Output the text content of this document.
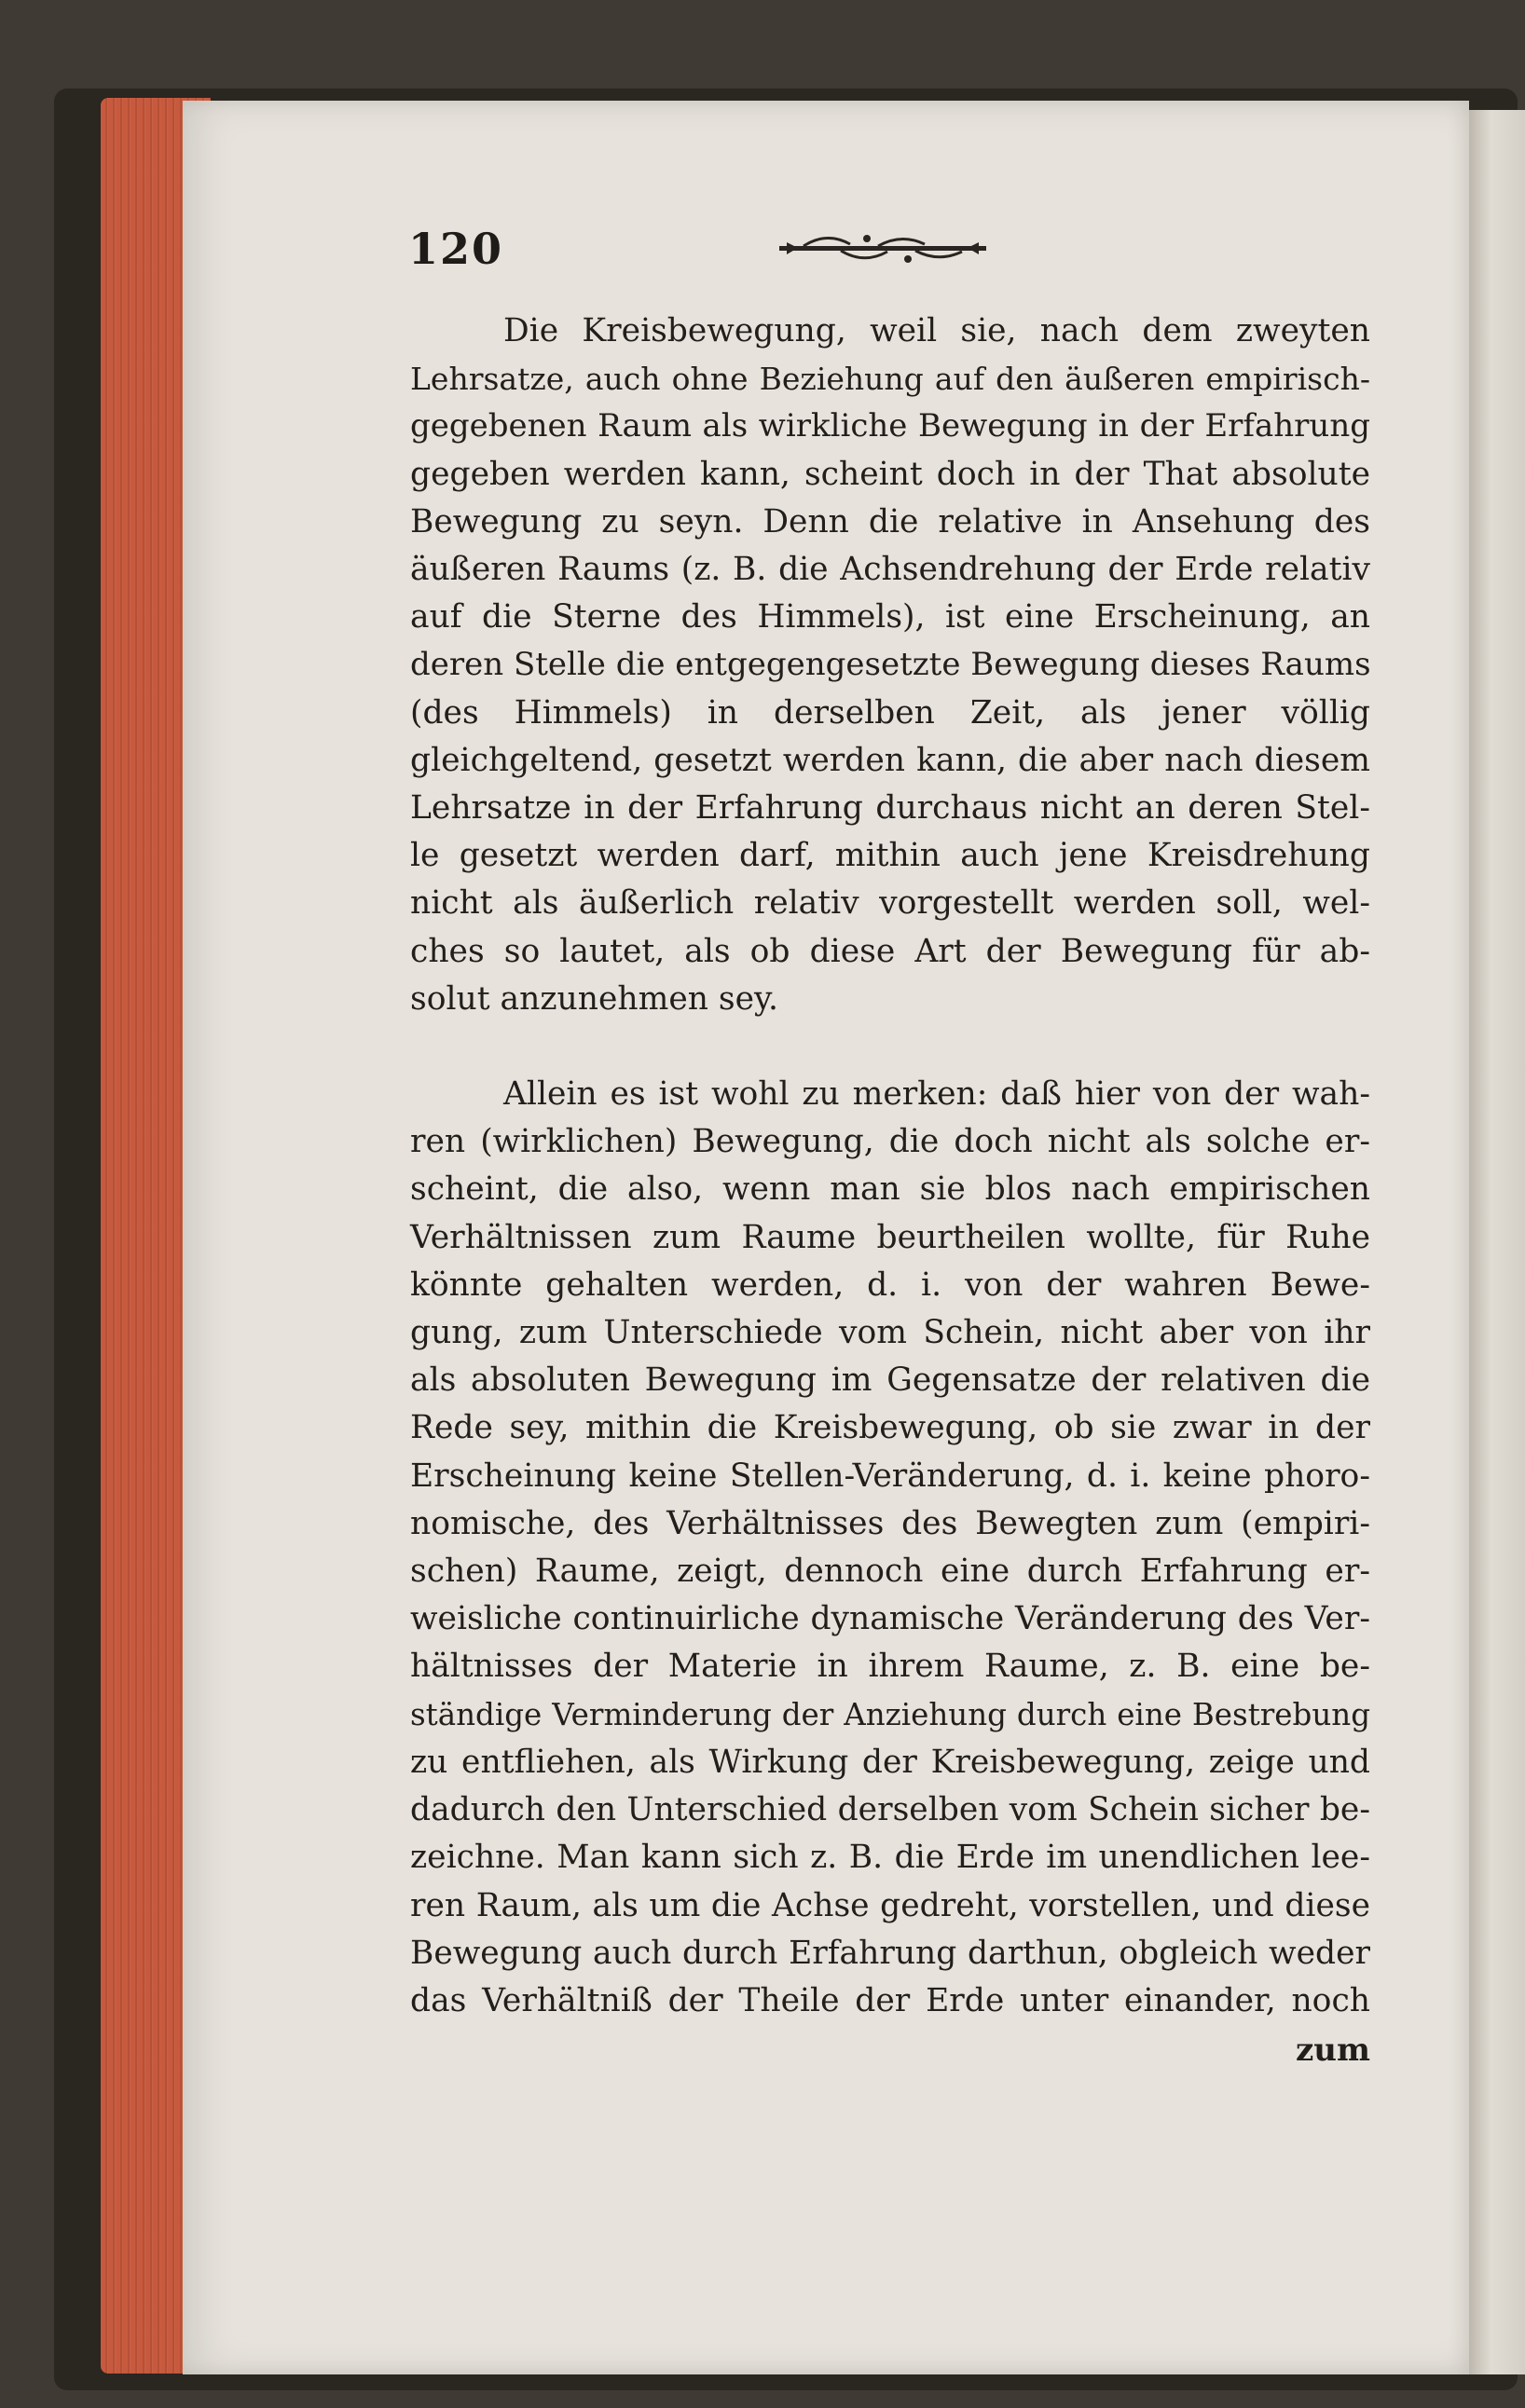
120
Die Kreisbewegung, weil sie, nach dem zweyten
Lehrsatze, auch ohne Beziehung auf den äußeren empirisch-
gegebenen Raum als wirkliche Bewegung in der Erfahrung
gegeben werden kann, scheint doch in der That absolute
Bewegung zu seyn. Denn die relative in Ansehung des
äußeren Raums (z. B. die Achsendrehung der Erde relativ
auf die Sterne des Himmels), ist eine Erscheinung, an
deren Stelle die entgegengesetzte Bewegung dieses Raums
(des Himmels) in derselben Zeit, als jener völlig
gleichgeltend, gesetzt werden kann, die aber nach diesem
Lehrsatze in der Erfahrung durchaus nicht an deren Stel-
le gesetzt werden darf, mithin auch jene Kreisdrehung
nicht als äußerlich relativ vorgestellt werden soll, wel-
ches so lautet, als ob diese Art der Bewegung für ab-
solut anzunehmen sey.
Allein es ist wohl zu merken: daß hier von der wah-
ren (wirklichen) Bewegung, die doch nicht als solche er-
scheint, die also, wenn man sie blos nach empirischen
Verhältnissen zum Raume beurtheilen wollte, für Ruhe
könnte gehalten werden, d. i. von der wahren Bewe-
gung, zum Unterschiede vom Schein, nicht aber von ihr
als absoluten Bewegung im Gegensatze der relativen die
Rede sey, mithin die Kreisbewegung, ob sie zwar in der
Erscheinung keine Stellen-Veränderung, d. i. keine phoro-
nomische, des Verhältnisses des Bewegten zum (empiri-
schen) Raume, zeigt, dennoch eine durch Erfahrung er-
weisliche continuirliche dynamische Veränderung des Ver-
hältnisses der Materie in ihrem Raume, z. B. eine be-
ständige Verminderung der Anziehung durch eine Bestrebung
zu entfliehen, als Wirkung der Kreisbewegung, zeige und
dadurch den Unterschied derselben vom Schein sicher be-
zeichne. Man kann sich z. B. die Erde im unendlichen lee-
ren Raum, als um die Achse gedreht, vorstellen, und diese
Bewegung auch durch Erfahrung darthun, obgleich weder
das Verhältniß der Theile der Erde unter einander, noch
zum
